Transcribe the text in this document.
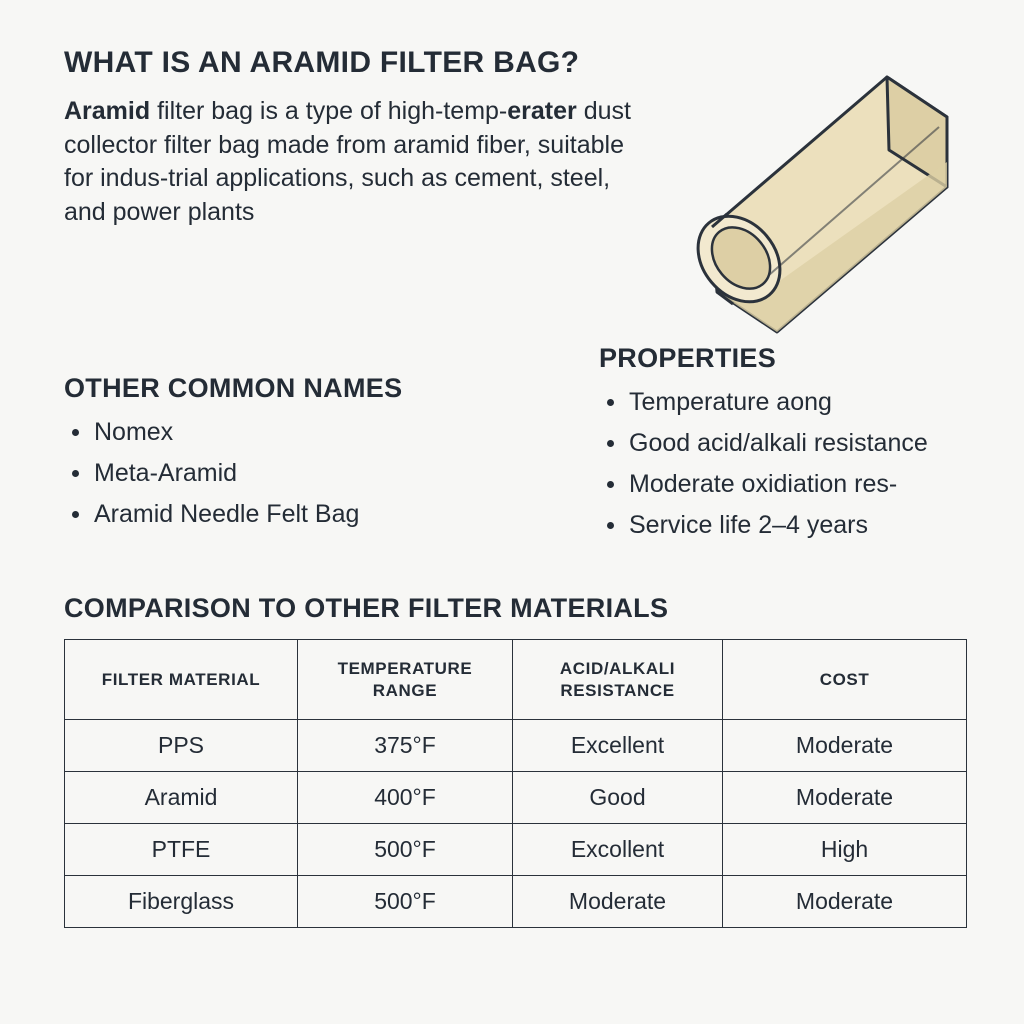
WHAT IS AN ARAMID FILTER BAG?

Aramid filter bag is a type of high-temp-erater dust collector filter bag made from aramid fiber, suitable for indus-trial applications, such as cement, steel, and power plants

OTHER COMMON NAMES
Nomex
Meta-Aramid
Aramid Needle Felt Bag
PROPERTIES
Temperature aong
Good acid/alkali resistance
Moderate oxidiation res-
Service life 2–4 years
COMPARISON TO OTHER FILTER MATERIALS
FILTER MATERIAL	TEMPERATURE RANGE	ACID/ALKALI RESISTANCE	COST
PPS	375°F	Excellent	Moderate
Aramid	400°F	Good	Moderate
PTFE	500°F	Excollent	High
Fiberglass	500°F	Moderate	Moderate
